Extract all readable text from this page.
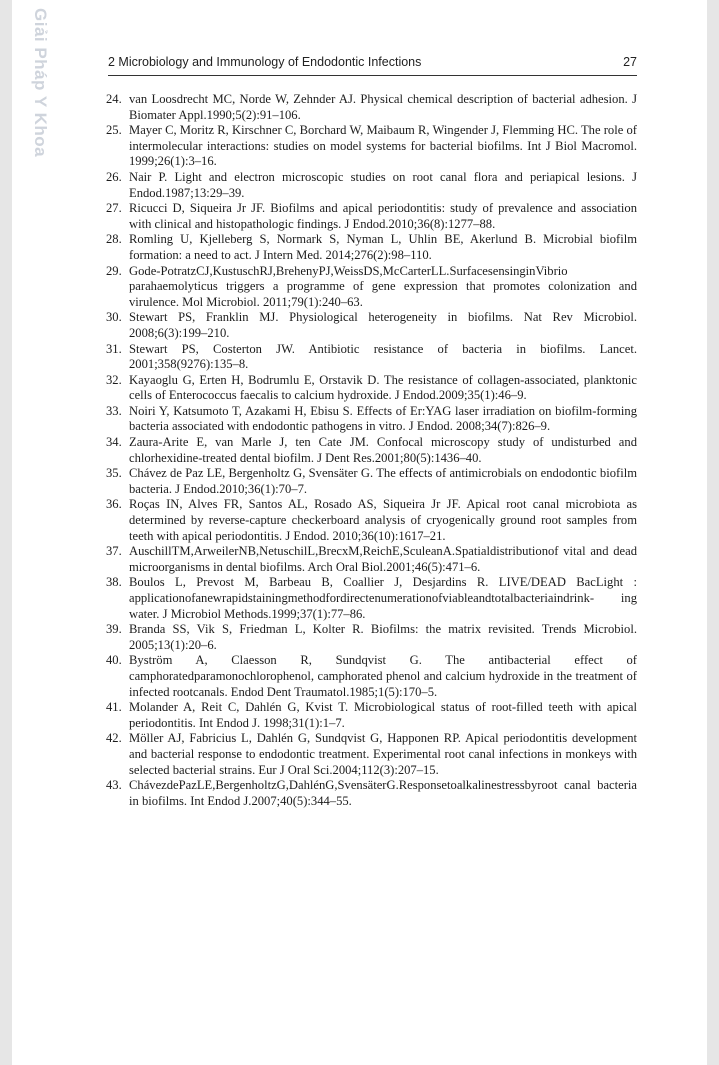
Giải Pháp Y Khoa	2 Microbiology and Immunology of Endodontic Infections	27
24. van Loosdrecht MC, Norde W, Zehnder AJ. Physical chemical description of bacterial adhesion. J Biomater Appl.1990;5(2):91–106.
25. Mayer C, Moritz R, Kirschner C, Borchard W, Maibaum R, Wingender J, Flemming HC. The role of intermolecular interactions: studies on model systems for bacterial biofilms. Int J Biol Macromol. 1999;26(1):3–16.
26. Nair P. Light and electron microscopic studies on root canal flora and periapical lesions. J Endod.1987;13:29–39.
27. Ricucci D, Siqueira Jr JF. Biofilms and apical periodontitis: study of prevalence and association with clinical and histopathologic findings. J Endod.2010;36(8):1277–88.
28. Romling U, Kjelleberg S, Normark S, Nyman L, Uhlin BE, Akerlund B. Microbial biofilm formation: a need to act. J Intern Med. 2014;276(2):98–110.
29. Gode-PotratzCJ,KustuschRJ,BrehenyPJ,WeissDS,McCarterLL.SurfacesensinginVibrio parahaemolyticus triggers a programme of gene expression that promotes colonization and virulence. Mol Microbiol. 2011;79(1):240–63.
30. Stewart PS, Franklin MJ. Physiological heterogeneity in biofilms. Nat Rev Microbiol. 2008;6(3):199–210.
31. Stewart PS, Costerton JW. Antibiotic resistance of bacteria in biofilms. Lancet. 2001;358(9276):135–8.
32. Kayaoglu G, Erten H, Bodrumlu E, Orstavik D. The resistance of collagen-associated, planktonic cells of Enterococcus faecalis to calcium hydroxide. J Endod.2009;35(1):46–9.
33. Noiri Y, Katsumoto T, Azakami H, Ebisu S. Effects of Er:YAG laser irradiation on biofilm-forming bacteria associated with endodontic pathogens in vitro. J Endod. 2008;34(7):826–9.
34. Zaura-Arite E, van Marle J, ten Cate JM. Confocal microscopy study of undisturbed and chlorhexidine-treated dental biofilm. J Dent Res.2001;80(5):1436–40.
35. Chávez de Paz LE, Bergenholtz G, Svensäter G. The effects of antimicrobials on endodontic biofilm bacteria. J Endod.2010;36(1):70–7.
36. Roças IN, Alves FR, Santos AL, Rosado AS, Siqueira Jr JF. Apical root canal microbiota as determined by reverse-capture checkerboard analysis of cryogenically ground root samples from teeth with apical periodontitis. J Endod. 2010;36(10):1617–21.
37. AuschillTM,ArweilerNB,NetuschilL,BrecxM,ReichE,SculeanA.Spatialdistributionof vital and dead microorganisms in dental biofilms. Arch Oral Biol.2001;46(5):471–6.
38. Boulos L, Prevost M, Barbeau B, Coallier J, Desjardins R. LIVE/DEAD BacLight : applicationofanewrapidstainingmethodfordirectenumerationofviableandtotalbacteriaindrink- ing water. J Microbiol Methods.1999;37(1):77–86.
39. Branda SS, Vik S, Friedman L, Kolter R. Biofilms: the matrix revisited. Trends Microbiol. 2005;13(1):20–6.
40. Byström A, Claesson R, Sundqvist G. The antibacterial effect of camphoratedparamonochlorophenol, camphorated phenol and calcium hydroxide in the treatment of infected rootcanals. Endod Dent Traumatol.1985;1(5):170–5.
41. Molander A, Reit C, Dahlén G, Kvist T. Microbiological status of root-filled teeth with apical periodontitis. Int Endod J. 1998;31(1):1–7.
42. Möller AJ, Fabricius L, Dahlén G, Sundqvist G, Happonen RP. Apical periodontitis development and bacterial response to endodontic treatment. Experimental root canal infections in monkeys with selected bacterial strains. Eur J Oral Sci.2004;112(3):207–15.
43. ChávezdePazLE,BergenholtzG,DahlénG,SvensäterG.Responsetoalkalinestressbyroot canal bacteria in biofilms. Int Endod J.2007;40(5):344–55.
